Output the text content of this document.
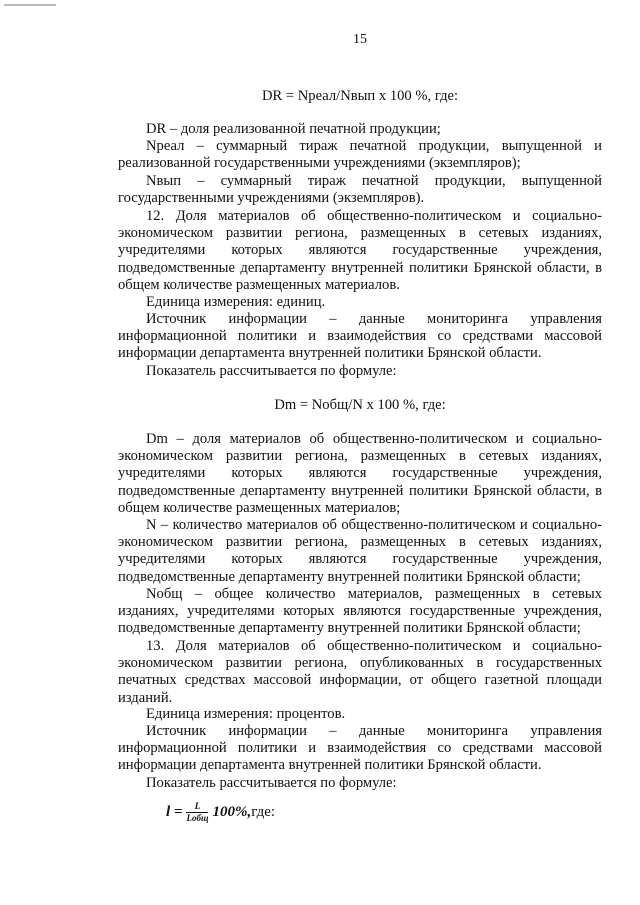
15
DR = Nреал/Nвып х 100 %, где:
DR – доля реализованной печатной продукции;
Nреал – суммарный тираж печатной продукции, выпущенной и реализованной государственными учреждениями (экземпляров);
Nвып – суммарный тираж печатной продукции, выпущенной государственными учреждениями (экземпляров).
12. Доля материалов об общественно-политическом и социально-экономическом развитии региона, размещенных в сетевых изданиях, учредителями которых являются государственные учреждения, подведомственные департаменту внутренней политики Брянской области, в общем количестве размещенных материалов.
Единица измерения: единиц.
Источник информации – данные мониторинга управления информационной политики и взаимодействия со средствами массовой информации департамента внутренней политики Брянской области.
Показатель рассчитывается по формуле:
Dm = Nобщ/N х 100 %, где:
Dm – доля материалов об общественно-политическом и социально-экономическом развитии региона, размещенных в сетевых изданиях, учредителями которых являются государственные учреждения, подведомственные департаменту внутренней политики Брянской области, в общем количестве размещенных материалов;
N – количество материалов об общественно-политическом и социально-экономическом развитии региона, размещенных в сетевых изданиях, учредителями которых являются государственные учреждения, подведомственные департаменту внутренней политики Брянской области;
Nобщ – общее количество материалов, размещенных в сетевых изданиях, учредителями которых являются государственные учреждения, подведомственные департаменту внутренней политики Брянской области;
13. Доля материалов об общественно-политическом и социально-экономическом развитии региона, опубликованных в государственных печатных средствах массовой информации, от общего газетной площади изданий.
Единица измерения: процентов.
Источник информации – данные мониторинга управления информационной политики и взаимодействия со средствами массовой информации департамента внутренней политики Брянской области.
Показатель рассчитывается по формуле:
$l = \frac{L}{\text{Lобщ}} 100\%$, где:
